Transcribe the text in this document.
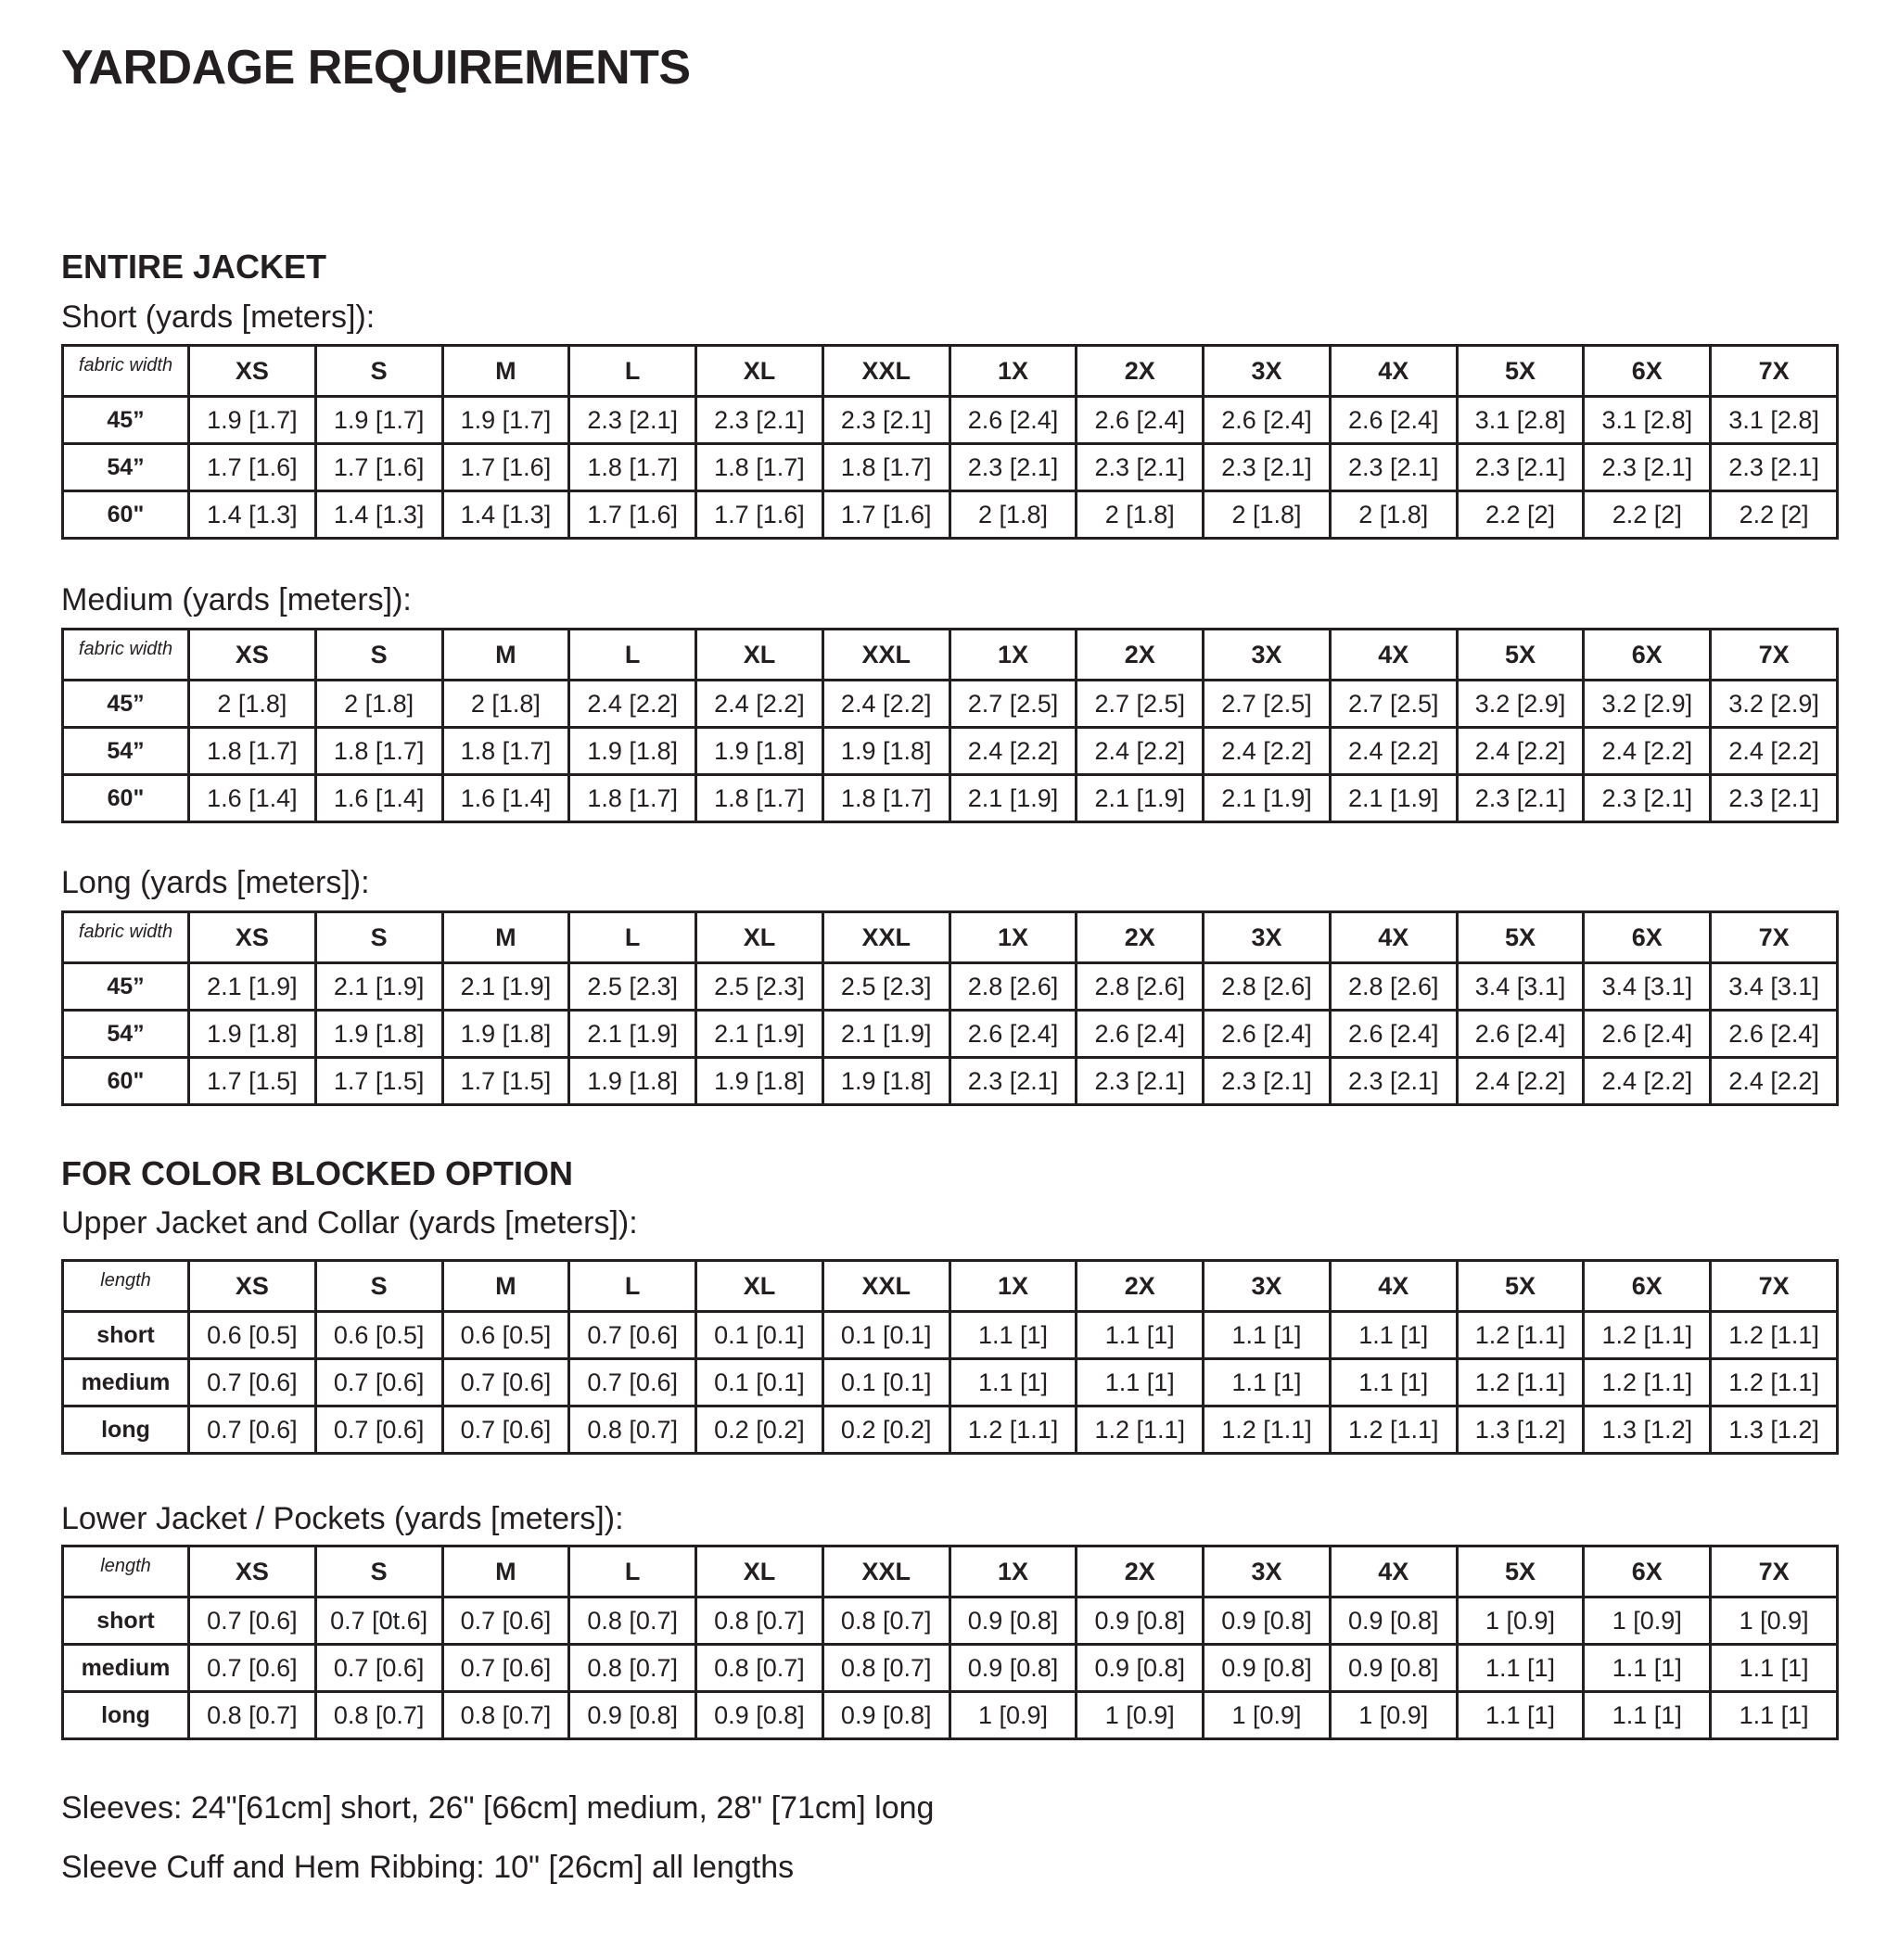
YARDAGE REQUIREMENTS
ENTIRE JACKET
Short (yards [meters]):
fabric width	XS	S	M	L	XL	XXL	1X	2X	3X	4X	5X	6X	7X
45”	1.9 [1.7]	1.9 [1.7]	1.9 [1.7]	2.3 [2.1]	2.3 [2.1]	2.3 [2.1]	2.6 [2.4]	2.6 [2.4]	2.6 [2.4]	2.6 [2.4]	3.1 [2.8]	3.1 [2.8]	3.1 [2.8]
54”	1.7 [1.6]	1.7 [1.6]	1.7 [1.6]	1.8 [1.7]	1.8 [1.7]	1.8 [1.7]	2.3 [2.1]	2.3 [2.1]	2.3 [2.1]	2.3 [2.1]	2.3 [2.1]	2.3 [2.1]	2.3 [2.1]
60"	1.4 [1.3]	1.4 [1.3]	1.4 [1.3]	1.7 [1.6]	1.7 [1.6]	1.7 [1.6]	2 [1.8]	2 [1.8]	2 [1.8]	2 [1.8]	2.2 [2]	2.2 [2]	2.2 [2]
Medium (yards [meters]):
fabric width	XS	S	M	L	XL	XXL	1X	2X	3X	4X	5X	6X	7X
45”	2 [1.8]	2 [1.8]	2 [1.8]	2.4 [2.2]	2.4 [2.2]	2.4 [2.2]	2.7 [2.5]	2.7 [2.5]	2.7 [2.5]	2.7 [2.5]	3.2 [2.9]	3.2 [2.9]	3.2 [2.9]
54”	1.8 [1.7]	1.8 [1.7]	1.8 [1.7]	1.9 [1.8]	1.9 [1.8]	1.9 [1.8]	2.4 [2.2]	2.4 [2.2]	2.4 [2.2]	2.4 [2.2]	2.4 [2.2]	2.4 [2.2]	2.4 [2.2]
60"	1.6 [1.4]	1.6 [1.4]	1.6 [1.4]	1.8 [1.7]	1.8 [1.7]	1.8 [1.7]	2.1 [1.9]	2.1 [1.9]	2.1 [1.9]	2.1 [1.9]	2.3 [2.1]	2.3 [2.1]	2.3 [2.1]
Long (yards [meters]):
fabric width	XS	S	M	L	XL	XXL	1X	2X	3X	4X	5X	6X	7X
45”	2.1 [1.9]	2.1 [1.9]	2.1 [1.9]	2.5 [2.3]	2.5 [2.3]	2.5 [2.3]	2.8 [2.6]	2.8 [2.6]	2.8 [2.6]	2.8 [2.6]	3.4 [3.1]	3.4 [3.1]	3.4 [3.1]
54”	1.9 [1.8]	1.9 [1.8]	1.9 [1.8]	2.1 [1.9]	2.1 [1.9]	2.1 [1.9]	2.6 [2.4]	2.6 [2.4]	2.6 [2.4]	2.6 [2.4]	2.6 [2.4]	2.6 [2.4]	2.6 [2.4]
60"	1.7 [1.5]	1.7 [1.5]	1.7 [1.5]	1.9 [1.8]	1.9 [1.8]	1.9 [1.8]	2.3 [2.1]	2.3 [2.1]	2.3 [2.1]	2.3 [2.1]	2.4 [2.2]	2.4 [2.2]	2.4 [2.2]
FOR COLOR BLOCKED OPTION
Upper Jacket and Collar (yards [meters]):
length	XS	S	M	L	XL	XXL	1X	2X	3X	4X	5X	6X	7X
short	0.6 [0.5]	0.6 [0.5]	0.6 [0.5]	0.7 [0.6]	0.1 [0.1]	0.1 [0.1]	1.1 [1]	1.1 [1]	1.1 [1]	1.1 [1]	1.2 [1.1]	1.2 [1.1]	1.2 [1.1]
medium	0.7 [0.6]	0.7 [0.6]	0.7 [0.6]	0.7 [0.6]	0.1 [0.1]	0.1 [0.1]	1.1 [1]	1.1 [1]	1.1 [1]	1.1 [1]	1.2 [1.1]	1.2 [1.1]	1.2 [1.1]
long	0.7 [0.6]	0.7 [0.6]	0.7 [0.6]	0.8 [0.7]	0.2 [0.2]	0.2 [0.2]	1.2 [1.1]	1.2 [1.1]	1.2 [1.1]	1.2 [1.1]	1.3 [1.2]	1.3 [1.2]	1.3 [1.2]
Lower Jacket / Pockets (yards [meters]):
length	XS	S	M	L	XL	XXL	1X	2X	3X	4X	5X	6X	7X
short	0.7 [0.6]	0.7 [0t.6]	0.7 [0.6]	0.8 [0.7]	0.8 [0.7]	0.8 [0.7]	0.9 [0.8]	0.9 [0.8]	0.9 [0.8]	0.9 [0.8]	1 [0.9]	1 [0.9]	1 [0.9]
medium	0.7 [0.6]	0.7 [0.6]	0.7 [0.6]	0.8 [0.7]	0.8 [0.7]	0.8 [0.7]	0.9 [0.8]	0.9 [0.8]	0.9 [0.8]	0.9 [0.8]	1.1 [1]	1.1 [1]	1.1 [1]
long	0.8 [0.7]	0.8 [0.7]	0.8 [0.7]	0.9 [0.8]	0.9 [0.8]	0.9 [0.8]	1 [0.9]	1 [0.9]	1 [0.9]	1 [0.9]	1.1 [1]	1.1 [1]	1.1 [1]

Sleeves: 24"[61cm] short, 26" [66cm] medium, 28" [71cm] long

Sleeve Cuff and Hem Ribbing: 10" [26cm] all lengths
